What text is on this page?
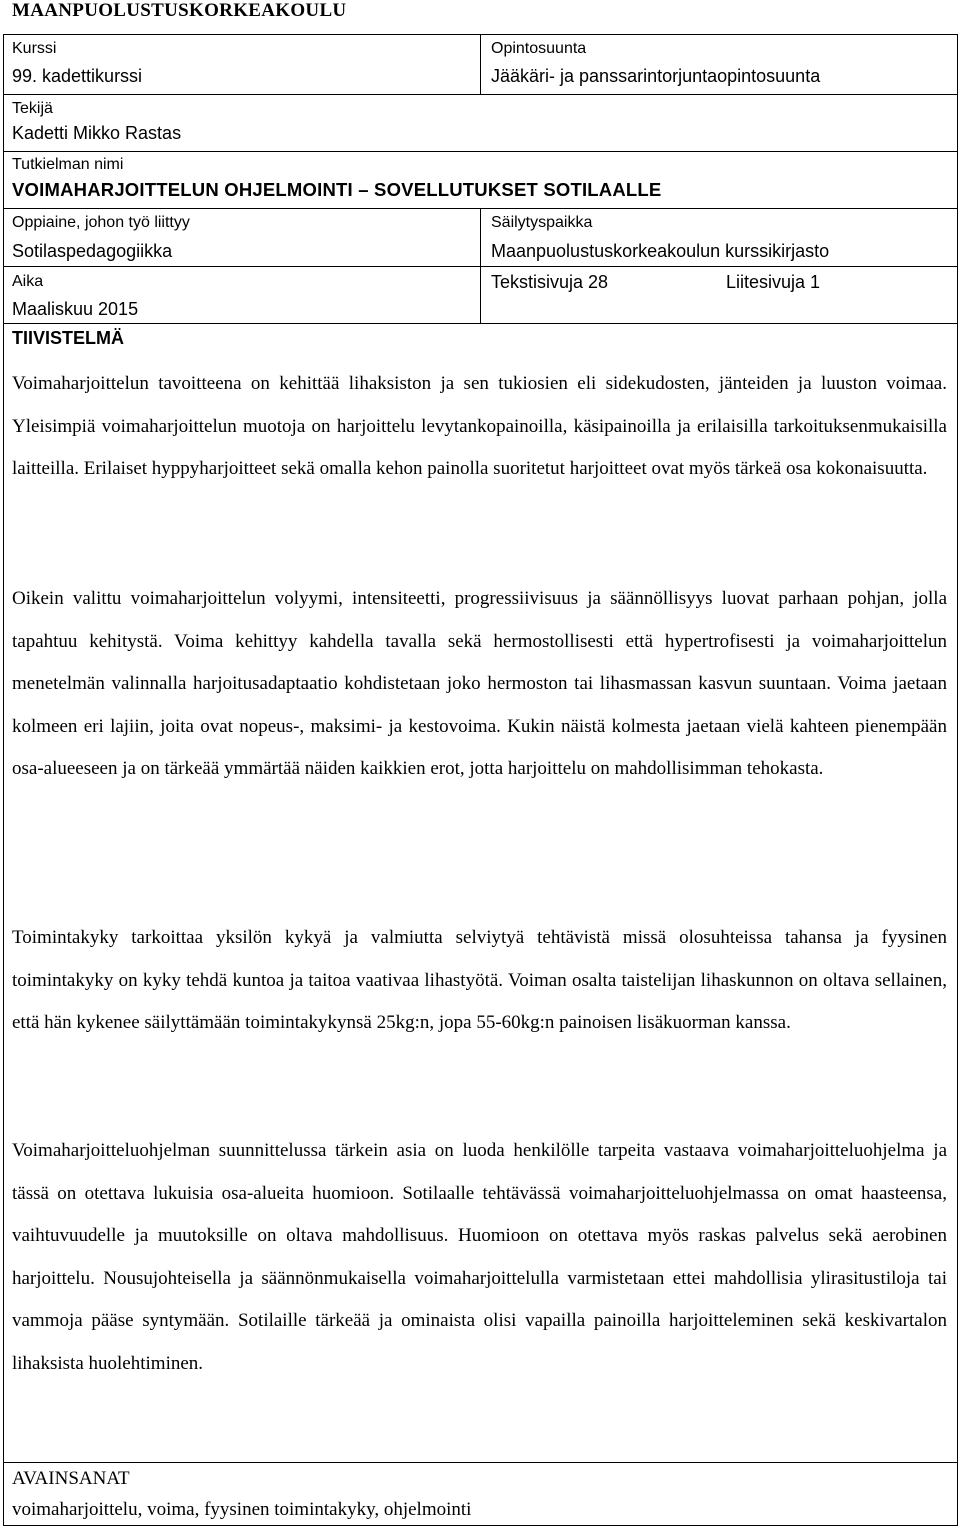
MAANPUOLUSTUSKORKEAKOULU
Kurssi
99. kadettikurssi
Opintosuunta
Jääkäri- ja panssarintorjuntaopintosuunta
Tekijä
Kadetti Mikko Rastas
Tutkielman nimi
VOIMAHARJOITTELUN OHJELMOINTI – SOVELLUTUKSET SOTILAALLE
Oppiaine, johon työ liittyy
Sotilaspedagogiikka
Säilytyspaikka
Maanpuolustuskorkeakoulun kurssikirjasto
Aika
Maaliskuu 2015
Tekstisivuja 28	Liitesivuja 1
TIIVISTELMÄ

Voimaharjoittelun tavoitteena on kehittää lihaksiston ja sen tukiosien eli sidekudosten, jänteiden ja luuston voimaa. Yleisimpiä voimaharjoittelun muotoja on harjoittelu levytankopainoilla, käsipainoilla ja erilaisilla tarkoituksenmukaisilla laitteilla. Erilaiset hyppyharjoitteet sekä omalla kehon painolla suoritetut harjoitteet ovat myös tärkeä osa kokonaisuutta.

Oikein valittu voimaharjoittelun volyymi, intensiteetti, progressiivisuus ja säännöllisyys luovat parhaan pohjan, jolla tapahtuu kehitystä. Voima kehittyy kahdella tavalla sekä hermostollisesti että hypertrofisesti ja voimaharjoittelun menetelmän valinnalla harjoitusadaptaatio kohdistetaan joko hermoston tai lihasmassan kasvun suuntaan. Voima jaetaan kolmeen eri lajiin, joita ovat nopeus-, maksimi- ja kestovoima. Kukin näistä kolmesta jaetaan vielä kahteen pienempään osa-alueeseen ja on tärkeää ymmärtää näiden kaikkien erot, jotta harjoittelu on mahdollisimman tehokasta.

Toimintakyky tarkoittaa yksilön kykyä ja valmiutta selviytyä tehtävistä missä olosuhteissa tahansa ja fyysinen toimintakyky on kyky tehdä kuntoa ja taitoa vaativaa lihastyötä. Voiman osalta taistelijan lihaskunnon on oltava sellainen, että hän kykenee säilyttämään toimintakykynsä 25kg:n, jopa 55-60kg:n painoisen lisäkuorman kanssa.

Voimaharjoitteluohjelman suunnittelussa tärkein asia on luoda henkilölle tarpeita vastaava voimaharjoitteluohjelma ja tässä on otettava lukuisia osa-alueita huomioon. Sotilaalle tehtävässä voimaharjoitteluohjelmassa on omat haasteensa, vaihtuvuudelle ja muutoksille on oltava mahdollisuus. Huomioon on otettava myös raskas palvelus sekä aerobinen harjoittelu. Nousujohteisella ja säännönmukaisella voimaharjoittelulla varmistetaan ettei mahdollisia ylirasitustiloja tai vammoja pääse syntymään. Sotilaille tärkeää ja ominaista olisi vapailla painoilla harjoitteleminen sekä keskivartalon lihaksista huolehtiminen.

AVAINSANAT
voimaharjoittelu, voima, fyysinen toimintakyky, ohjelmointi
